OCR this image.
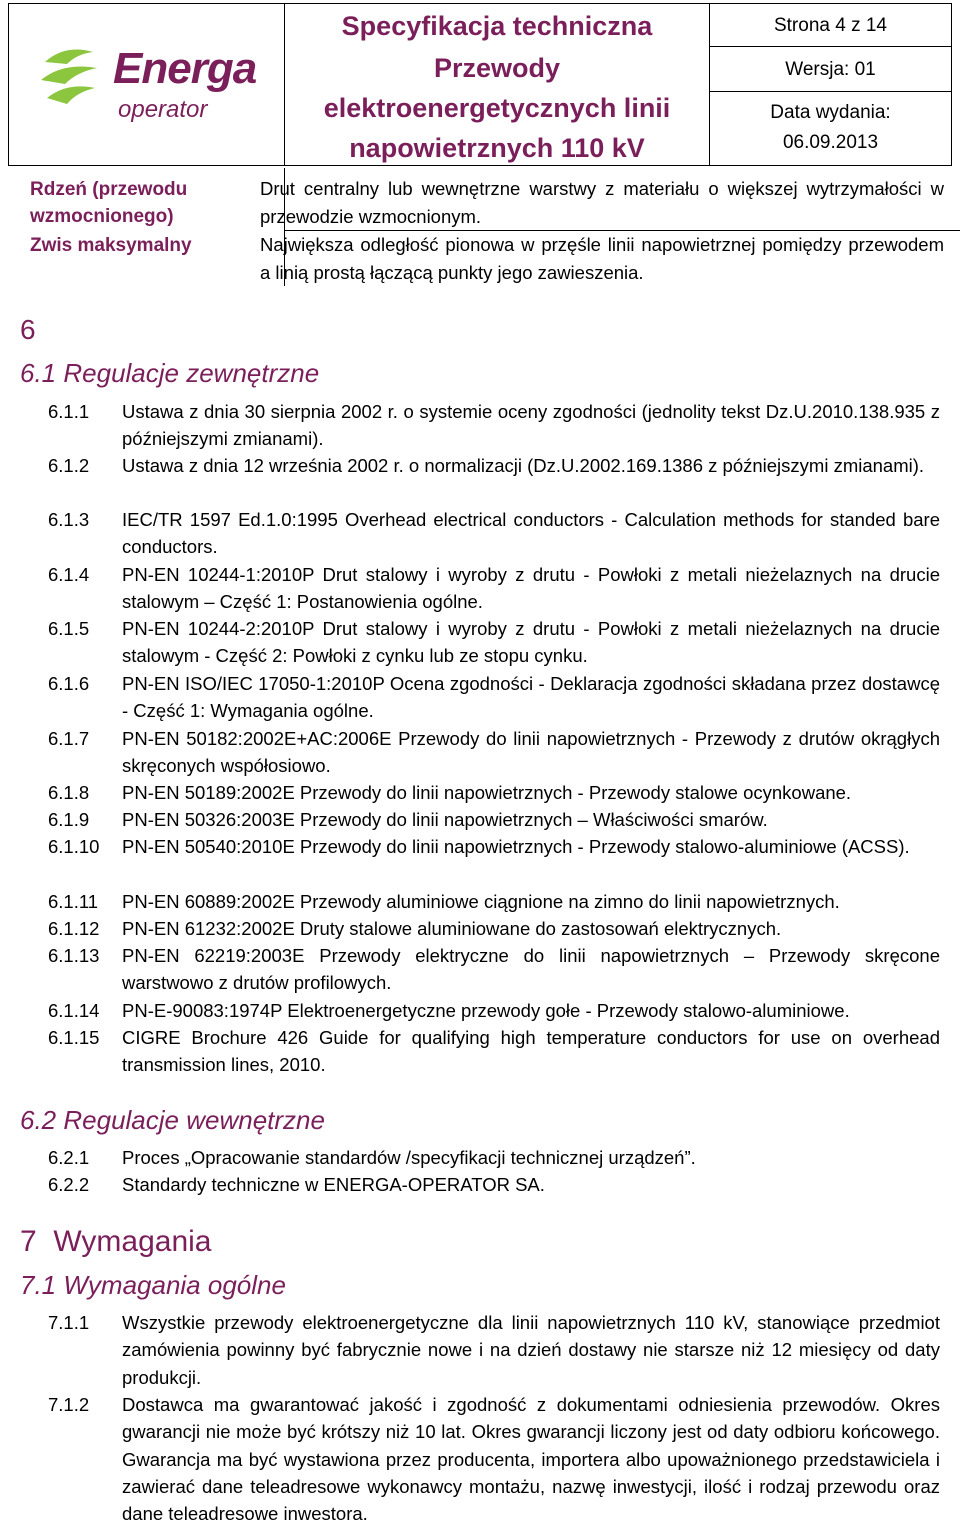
Energa
operator
Specyfikacja techniczna
Przewody
elektroenergetycznych linii
napowietrznych 110 kV
Strona 4 z 14
Wersja: 01
Data wydania:
06.09.2013
Rdzeń (przewodu
wzmocnionego)
Drut centralny lub wewnętrzne warstwy z materiału o większej wytrzymałości w przewodzie wzmocnionym.
Zwis maksymalny	Największa odległość pionowa w przęśle linii napowietrznej pomiędzy przewodem a linią prostą łączącą punkty jego zawieszenia.
6
6.1 Regulacje zewnętrzne
6.1.1 Ustawa z dnia 30 sierpnia 2002 r. o systemie oceny zgodności (jednolity tekst Dz.U.2010.138.935 z późniejszymi zmianami).
6.1.2 Ustawa z dnia 12 września 2002 r. o normalizacji (Dz.U.2002.169.1386 z późniejszymi zmianami).
6.1.3 IEC/TR 1597 Ed.1.0:1995 Overhead electrical conductors - Calculation methods for standed bare conductors.
6.1.4 PN-EN 10244-1:2010P Drut stalowy i wyroby z drutu - Powłoki z metali nieżelaznych na drucie stalowym – Część 1: Postanowienia ogólne.
6.1.5 PN-EN 10244-2:2010P Drut stalowy i wyroby z drutu - Powłoki z metali nieżelaznych na drucie stalowym - Część 2: Powłoki z cynku lub ze stopu cynku.
6.1.6 PN-EN ISO/IEC 17050-1:2010P Ocena zgodności - Deklaracja zgodności składana przez dostawcę - Część 1: Wymagania ogólne.
6.1.7 PN-EN 50182:2002E+AC:2006E Przewody do linii napowietrznych - Przewody z drutów okrągłych skręconych współosiowo.
6.1.8 PN-EN 50189:2002E Przewody do linii napowietrznych - Przewody stalowe ocynkowane.
6.1.9 PN-EN 50326:2003E Przewody do linii napowietrznych – Właściwości smarów.
6.1.10 PN-EN 50540:2010E Przewody do linii napowietrznych - Przewody stalowo-aluminiowe (ACSS).
6.1.11 PN-EN 60889:2002E Przewody aluminiowe ciągnione na zimno do linii napowietrznych.
6.1.12 PN-EN 61232:2002E Druty stalowe aluminiowane do zastosowań elektrycznych.
6.1.13 PN-EN 62219:2003E Przewody elektryczne do linii napowietrznych – Przewody skręcone warstwowo z drutów profilowych.
6.1.14 PN-E-90083:1974P Elektroenergetyczne przewody gołe - Przewody stalowo-aluminiowe.
6.1.15 CIGRE Brochure 426 Guide for qualifying high temperature conductors for use on overhead transmission lines, 2010.
6.2 Regulacje wewnętrzne
6.2.1 Proces „Opracowanie standardów /specyfikacji technicznej urządzeń”.
6.2.2 Standardy techniczne w ENERGA-OPERATOR SA.
7  Wymagania
7.1 Wymagania ogólne
7.1.1 Wszystkie przewody elektroenergetyczne dla linii napowietrznych 110 kV, stanowiące przedmiot zamówienia powinny być fabrycznie nowe i na dzień dostawy nie starsze niż 12 miesięcy od daty produkcji.
7.1.2 Dostawca ma gwarantować jakość i zgodność z dokumentami odniesienia przewodów. Okres gwarancji nie może być krótszy niż 10 lat. Okres gwarancji liczony jest od daty odbioru końcowego. Gwarancja ma być wystawiona przez producenta, importera albo upoważnionego przedstawiciela i zawierać dane teleadresowe wykonawcy montażu, nazwę inwestycji, ilość i rodzaj przewodu oraz dane teleadresowe inwestora.
